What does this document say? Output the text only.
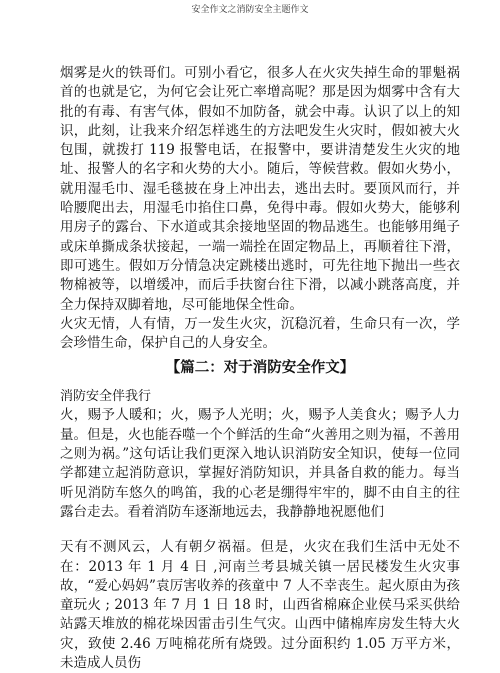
安全作文之消防安全主题作文

烟雾是火的铁哥们。可别小看它，很多人在火灾失掉生命的罪魁祸首的也就是它，为何它会让死亡率增高呢？那是因为烟雾中含有大批的有毒、有害气体，假如不加防备，就会中毒。认识了以上的知识，此刻，让我来介绍怎样逃生的方法吧发生火灾时，假如被大火包围，就拨打 119 报警电话，在报警中，要讲清楚发生火灾的地址、报警人的名字和火势的大小。随后，等候营救。假如火势小，就用湿毛巾、湿毛毯披在身上冲出去，逃出去时。要顶风而行，并哈腰爬出去，用湿毛巾掐住口鼻，免得中毒。假如火势大，能够利用房子的露台、下水道或其余接地坚固的物品逃生。也能够用绳子或床单撕成条状接起，一端一端拴在固定物品上，再顺着往下滑，即可逃生。假如万分情急决定跳楼出逃时，可先往地下抛出一些衣物棉被等，以增缓冲，而后手扶窗台往下滑，以减小跳落高度，并全力保持双脚着地，尽可能地保全性命。

火灾无情，人有情，万一发生火灾，沉稳沉着，生命只有一次，学会珍惜生命，保护自己的人身安全。

【篇二：对于消防安全作文】

消防安全伴我行

火，赐予人暖和；火，赐予人光明；火，赐予人美食火；赐予人力量。但是，火也能吞噬一个个鲜活的生命“火善用之则为福，不善用之则为祸。”这句话让我们更深入地认识消防安全知识，使每一位同学都建立起消防意识，掌握好消防知识，并具备自救的能力。每当听见消防车悠久的鸣笛，我的心老是绷得牢牢的，脚不由自主的往露台走去。看着消防车逐渐地远去，我静静地祝愿他们

天有不测风云，人有朝夕祸福。但是，火灾在我们生活中无处不在：2013 年 1 月 4 日 ,河南兰考县城关镇一居民楼发生火灾事故，“爱心妈妈”袁厉害收养的孩童中 7 人不幸丧生。起火原由为孩童玩火 ; 2013 年 7 月 1 日 18 时，山西省棉麻企业侯马采买供给站露天堆放的棉花垛因雷击引生气灾。山西中储棉库房发生特大火灾，致使 2.46 万吨棉花所有烧毁。过分面积约 1.05 万平方米，未造成人员伤
